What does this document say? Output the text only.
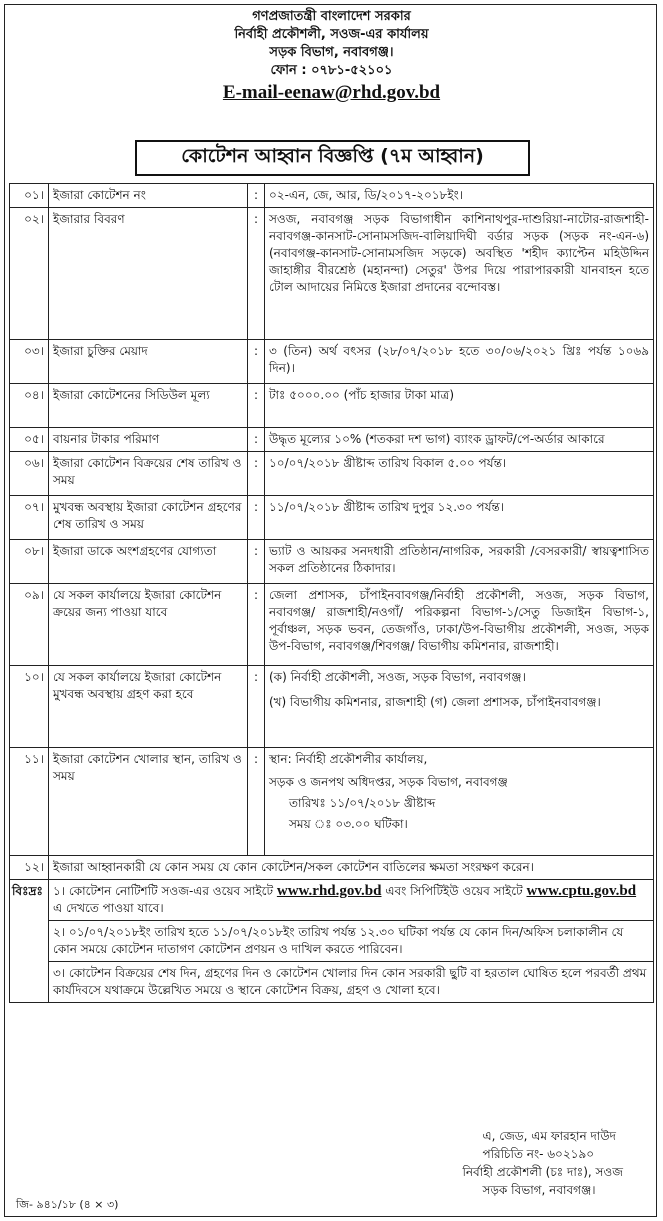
গণপ্রজাতন্ত্রী বাংলাদেশ সরকার
নির্বাহী প্রকৌশলী, সওজ-এর কার্যালয়
সড়ক বিভাগ, নবাবগঞ্জ।
ফোন : ০৭৮১-৫২১০১
E-mail-eenaw@rhd.gov.bd
কোটেশন আহ্বান বিজ্ঞপ্তি (৭ম আহ্বান)
০১।	ইজারা কোটেশন নং	:	০২-এন, জে, আর, ডি/২০১৭-২০১৮ইং।

০২।	ইজারার বিবরণ	:	সওজ, নবাবগঞ্জ সড়ক বিভাগাধীন কাশিনাথপুর-দাশুরিয়া-নাটোর-রাজশাহী-নবাবগঞ্জ-কানসাট-সোনামসজিদ-বালিয়াদিঘী বর্ডার সড়ক (সড়ক নং-এন-৬) (নবাবগঞ্জ-কানসাট-সোনামসজিদ সড়কে) অবস্থিত 'শহীদ ক্যাপ্টেন মহিউদ্দিন জাহাঙ্গীর বীরশ্রেষ্ঠ (মহানন্দা) সেতুর' উপর দিয়ে পারাপারকারী যানবাহন হতে টোল আদায়ের নিমিত্তে ইজারা প্রদানের বন্দোবস্ত।

০৩।	ইজারা চুক্তির মেয়াদ	:	৩ (তিন) অর্থ বৎসর (২৮/০৭/২০১৮ হতে ৩০/০৬/২০২১ খ্রিঃ পর্যন্ত ১০৬৯ দিন)।

০৪।	ইজারা কোটেশনের সিডিউল মূল্য	:	টাঃ ৫০০০.০০ (পাঁচ হাজার টাকা মাত্র)

০৫।	বায়নার টাকার পরিমাণ	:	উদ্ধৃত মূল্যের ১০% (শতকরা দশ ভাগ) ব্যাংক ড্রাফট/পে-অর্ডার আকারে

০৬।	ইজারা কোটেশন বিক্রয়ের শেষ তারিখ ও সময়	:	১০/০৭/২০১৮ খ্রীষ্টাব্দ তারিখ বিকাল ৫.০০ পর্যন্ত।

০৭।	মুখবন্ধ অবস্থায় ইজারা কোটেশন গ্রহণের শেষ তারিখ ও সময়	:	১১/০৭/২০১৮ খ্রীষ্টাব্দ তারিখ দুপুর ১২.৩০ পর্যন্ত।

০৮।	ইজারা ডাকে অংশগ্রহণের যোগ্যতা	:	ভ্যাট ও আয়কর সনদধারী প্রতিষ্ঠান/নাগরিক, সরকারী /বেসরকারী/ স্বায়ত্বশাসিত সকল প্রতিষ্ঠানের ঠিকাদার।

০৯।	যে সকল কার্যালয়ে ইজারা কোটেশন ক্রয়ের জন্য পাওয়া যাবে	:	জেলা প্রশাসক, চাঁপাইনবাবগঞ্জ/নির্বাহী প্রকৌশলী, সওজ, সড়ক বিভাগ, নবাবগঞ্জ/ রাজশাহী/নওগাঁ/ পরিকল্পনা বিভাগ-১/সেতু ডিজাইন বিভাগ-১, পূর্বাঞ্চল, সড়ক ভবন, তেজগাঁও, ঢাকা/উপ-বিভাগীয় প্রকৌশলী, সওজ, সড়ক উপ-বিভাগ, নবাবগঞ্জ/শিবগঞ্জ/ বিভাগীয় কমিশনার, রাজশাহী।

১০।	যে সকল কার্যালয়ে ইজারা কোটেশন মুখবন্ধ অবস্থায় গ্রহণ করা হবে	:	(ক) নির্বাহী প্রকৌশলী, সওজ, সড়ক বিভাগ, নবাবগঞ্জ।
(খ) বিভাগীয় কমিশনার, রাজশাহী (গ) জেলা প্রশাসক, চাঁপাইনবাবগঞ্জ।

১১।	ইজারা কোটেশন খোলার স্থান, তারিখ ও সময়	:	স্থান: নির্বাহী প্রকৌশলীর কার্যালয়,
সড়ক ও জনপথ অধিদপ্তর, সড়ক বিভাগ, নবাবগঞ্জ
তারিখঃ ১১/০৭/২০১৮ খ্রীষ্টাব্দ
সময় ঃ ০৩.০০ ঘটিকা।

১২।	ইজারা আহ্বানকারী যে কোন সময় যে কোন কোটেশন/সকল কোটেশন বাতিলের ক্ষমতা সংরক্ষণ করেন।
বিঃদ্রঃ	১। কোটেশন নোটিশটি সওজ-এর ওয়েব সাইটে www.rhd.gov.bd এবং সিপিটিইউ ওয়েব সাইটে www.cptu.gov.bd এ দেখতে পাওয়া যাবে।
২। ০১/০৭/২০১৮ইং তারিখ হতে ১১/০৭/২০১৮ইং তারিখ পর্যন্ত ১২.৩০ ঘটিকা পর্যন্ত যে কোন দিন/অফিস চলাকালীন যে কোন সময়ে কোটেশন দাতাগণ কোটেশন প্রণয়ন ও দাখিল করতে পারিবেন।
৩। কোটেশন বিক্রয়ের শেষ দিন, গ্রহণের দিন ও কোটেশন খোলার দিন কোন সরকারী ছুটি বা হরতাল ঘোষিত হলে পরবর্তী প্রথম কার্যদিবসে যথাক্রমে উল্লেখিত সময়ে ও স্থানে কোটেশন বিক্রয়, গ্রহণ ও খোলা হবে।
এ, জেড, এম ফারহান দাউদ
পরিচিতি নং- ৬০২১৯০
নির্বাহী প্রকৌশলী (চঃ দাঃ), সওজ
সড়ক বিভাগ, নবাবগঞ্জ।
জি- ৯৪১/১৮ (৪ × ৩)
